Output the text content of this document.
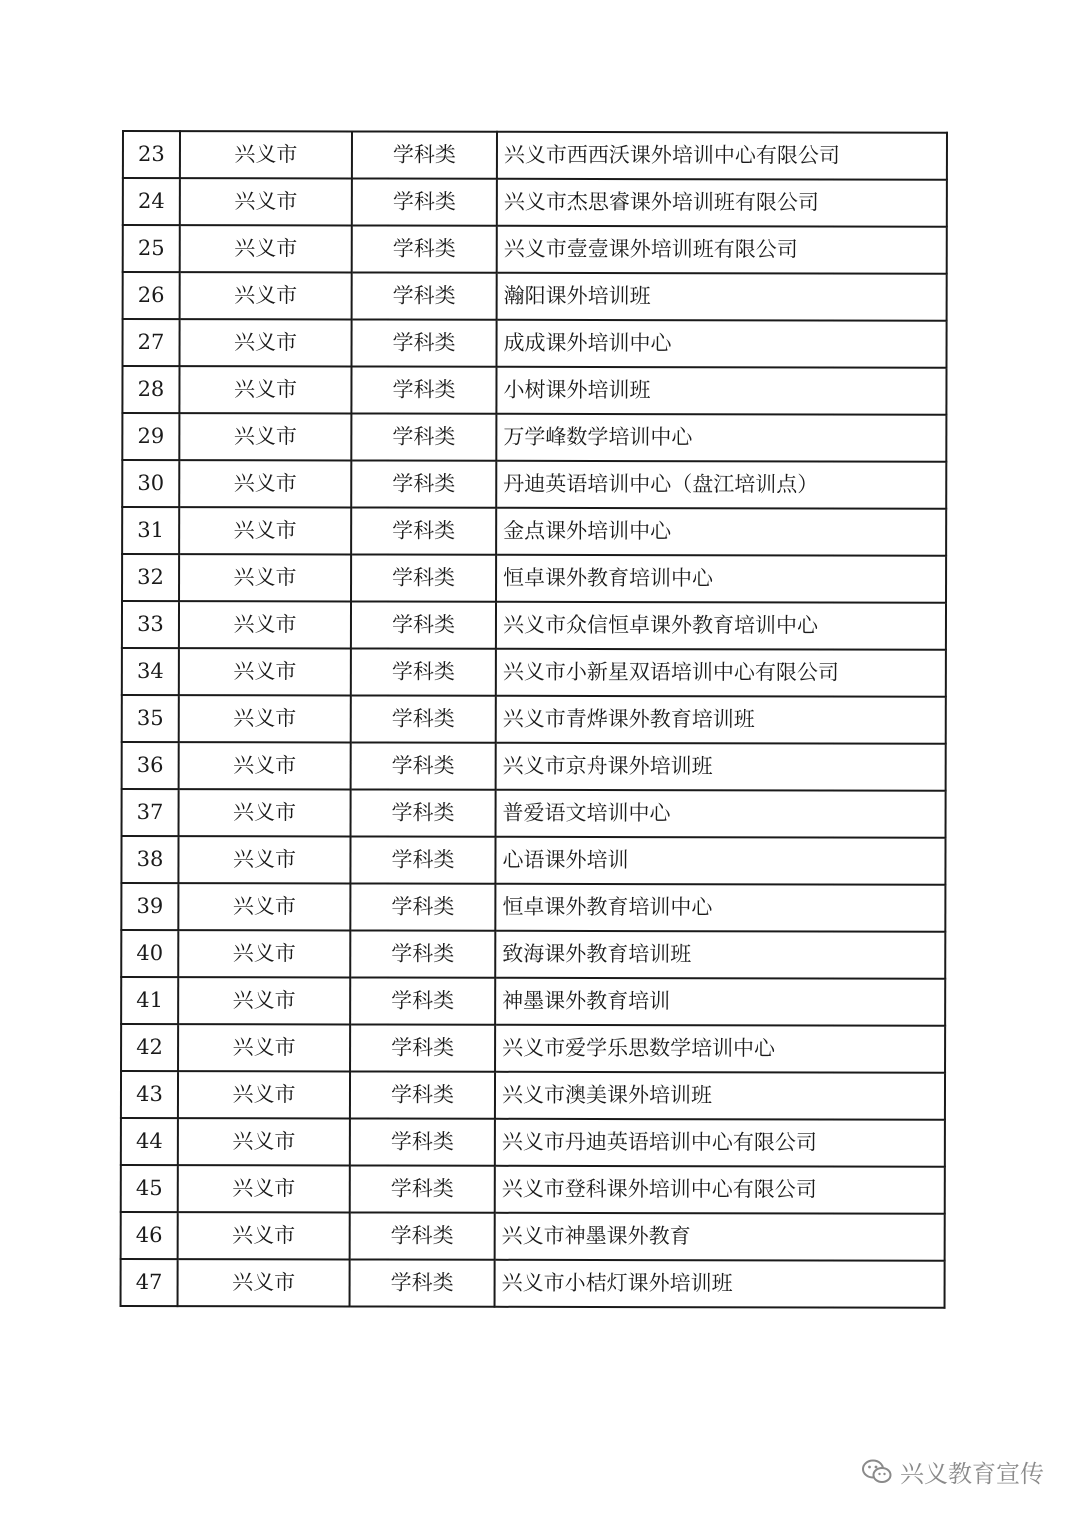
23	兴义市	学科类	兴义市西西沃课外培训中心有限公司
24	兴义市	学科类	兴义市杰思睿课外培训班有限公司
25	兴义市	学科类	兴义市壹壹课外培训班有限公司
26	兴义市	学科类	瀚阳课外培训班
27	兴义市	学科类	成成课外培训中心
28	兴义市	学科类	小树课外培训班
29	兴义市	学科类	万学峰数学培训中心
30	兴义市	学科类	丹迪英语培训中心（盘江培训点）
31	兴义市	学科类	金点课外培训中心
32	兴义市	学科类	恒卓课外教育培训中心
33	兴义市	学科类	兴义市众信恒卓课外教育培训中心
34	兴义市	学科类	兴义市小新星双语培训中心有限公司
35	兴义市	学科类	兴义市青烨课外教育培训班
36	兴义市	学科类	兴义市京舟课外培训班
37	兴义市	学科类	普爱语文培训中心
38	兴义市	学科类	心语课外培训
39	兴义市	学科类	恒卓课外教育培训中心
40	兴义市	学科类	致海课外教育培训班
41	兴义市	学科类	神墨课外教育培训
42	兴义市	学科类	兴义市爱学乐思数学培训中心
43	兴义市	学科类	兴义市澳美课外培训班
44	兴义市	学科类	兴义市丹迪英语培训中心有限公司
45	兴义市	学科类	兴义市登科课外培训中心有限公司
46	兴义市	学科类	兴义市神墨课外教育
47	兴义市	学科类	兴义市小桔灯课外培训班
兴义教育宣传
